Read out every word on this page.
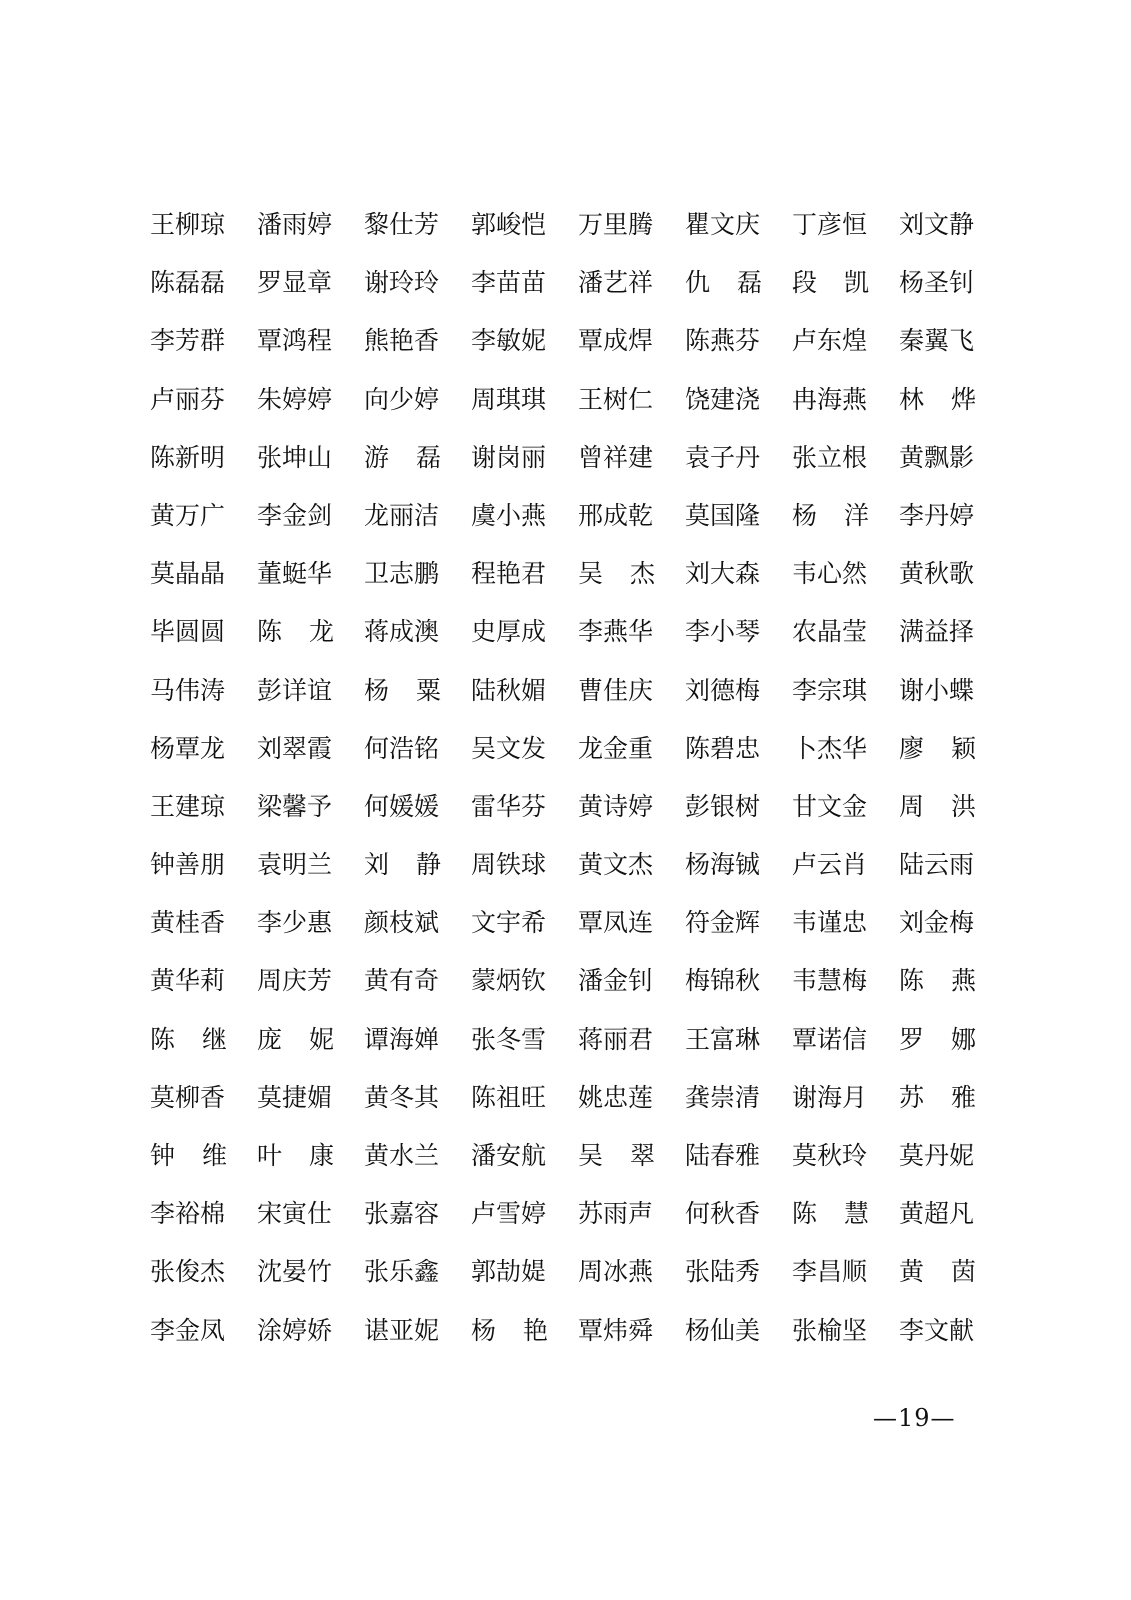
王柳琼 潘雨婷 黎仕芳 郭峻恺 万里腾 瞿文庆 丁彦恒 刘文静
陈磊磊 罗显章 谢玲玲 李苗苗 潘艺祥 仇 磊 段 凯 杨圣钊
李芳群 覃鸿程 熊艳香 李敏妮 覃成焊 陈燕芬 卢东煌 秦翼飞
卢丽芬 朱婷婷 向少婷 周琪琪 王树仁 饶建浇 冉海燕 林 烨
陈新明 张坤山 游 磊 谢岗丽 曾祥建 袁子丹 张立根 黄飘影
黄万广 李金剑 龙丽洁 虞小燕 邢成乾 莫国隆 杨 洋 李丹婷
莫晶晶 董蜓华 卫志鹏 程艳君 吴 杰 刘大森 韦心然 黄秋歌
毕圆圆 陈 龙 蒋成澳 史厚成 李燕华 李小琴 农晶莹 满益择
马伟涛 彭详谊 杨 粟 陆秋媚 曹佳庆 刘德梅 李宗琪 谢小蝶
杨覃龙 刘翠霞 何浩铭 吴文发 龙金重 陈碧忠 卜杰华 廖 颖
王建琼 梁馨予 何媛媛 雷华芬 黄诗婷 彭银树 甘文金 周 洪
钟善朋 袁明兰 刘 静 周铁球 黄文杰 杨海铖 卢云肖 陆云雨
黄桂香 李少惠 颜枝斌 文宇希 覃凤连 符金辉 韦谨忠 刘金梅
黄华莉 周庆芳 黄有奇 蒙炳钦 潘金钊 梅锦秋 韦慧梅 陈 燕
陈 继 庞 妮 谭海婵 张冬雪 蒋丽君 王富琳 覃诺信 罗 娜
莫柳香 莫捷媚 黄冬其 陈祖旺 姚忠莲 龚崇清 谢海月 苏 雅
钟 维 叶 康 黄水兰 潘安航 吴 翠 陆春雅 莫秋玲 莫丹妮
李裕棉 宋寅仕 张嘉容 卢雪婷 苏雨声 何秋香 陈 慧 黄超凡
张俊杰 沈晏竹 张乐鑫 郭劼媞 周冰燕 张陆秀 李昌顺 黄 茵
李金凤 涂婷娇 谌亚妮 杨 艳 覃炜舜 杨仙美 张榆坚 李文献
—19—
